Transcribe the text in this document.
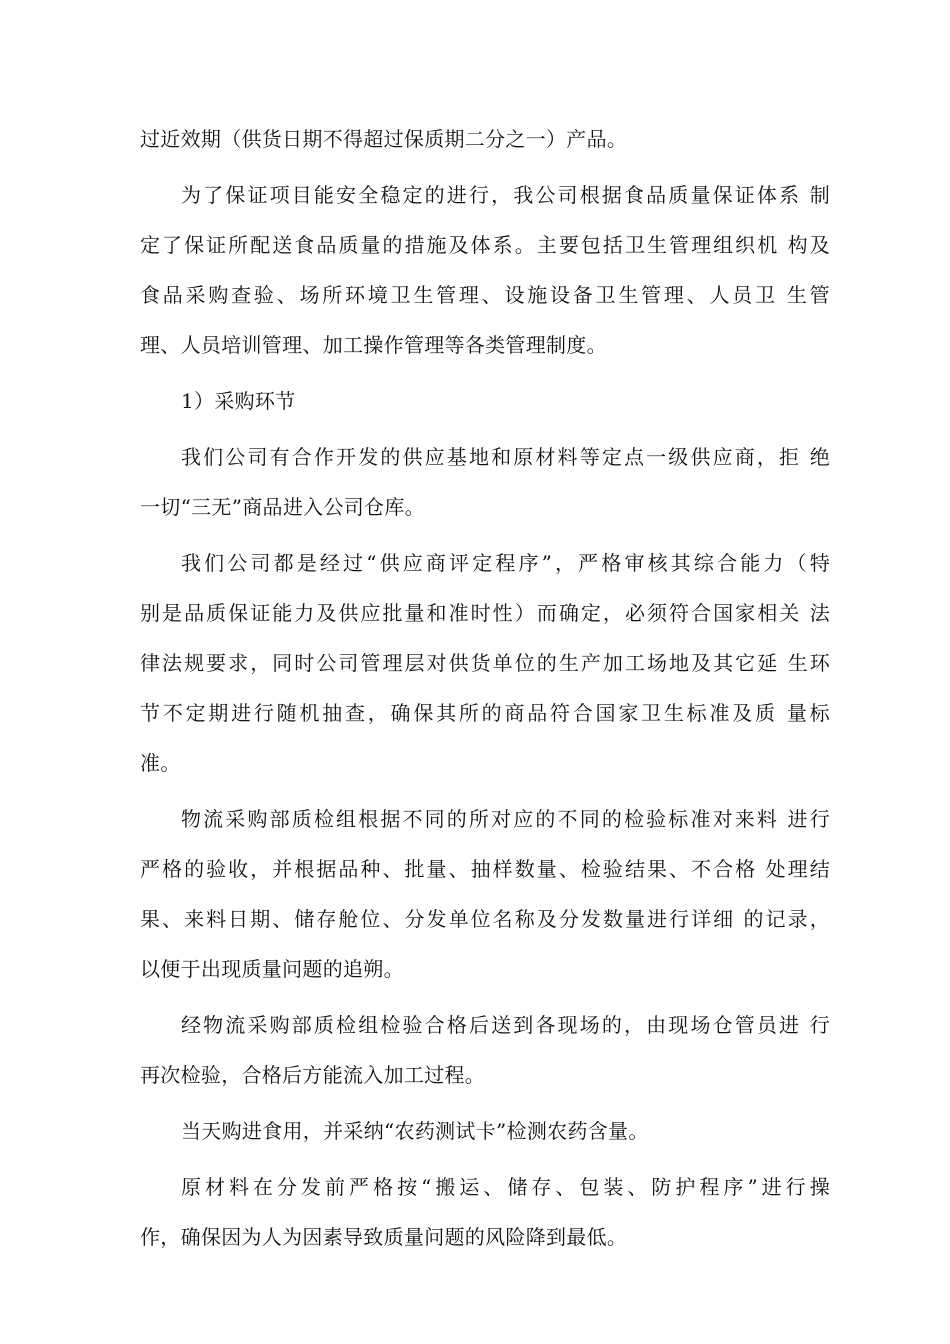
过近效期（供货日期不得超过保质期二分之一）产品。
为了保证项目能安全稳定的进行，我公司根据食品质量保证体系 制
定了保证所配送食品质量的措施及体系。主要包括卫生管理组织机 构及
食品采购查验、场所环境卫生管理、设施设备卫生管理、人员卫 生管
理、人员培训管理、加工操作管理等各类管理制度。
1）采购环节
我们公司有合作开发的供应基地和原材料等定点一级供应商，拒 绝
一切“三无”商品进入公司仓库。
我们公司都是经过“供应商评定程序”，严格审核其综合能力（特
别是品质保证能力及供应批量和准时性）而确定，必须符合国家相关 法
律法规要求，同时公司管理层对供货单位的生产加工场地及其它延 生环
节不定期进行随机抽查，确保其所的商品符合国家卫生标准及质 量标
准。
物流采购部质检组根据不同的所对应的不同的检验标准对来料 进行
严格的验收，并根据品种、批量、抽样数量、检验结果、不合格 处理结
果、来料日期、储存舱位、分发单位名称及分发数量进行详细 的记录，
以便于出现质量问题的追朔。
经物流采购部质检组检验合格后送到各现场的，由现场仓管员进 行
再次检验，合格后方能流入加工过程。
当天购进食用，并采纳“农药测试卡”检测农药含量。
原材料在分发前严格按“搬运、储存、包装、防护程序”进行操
作，确保因为人为因素导致质量问题的风险降到最低。
